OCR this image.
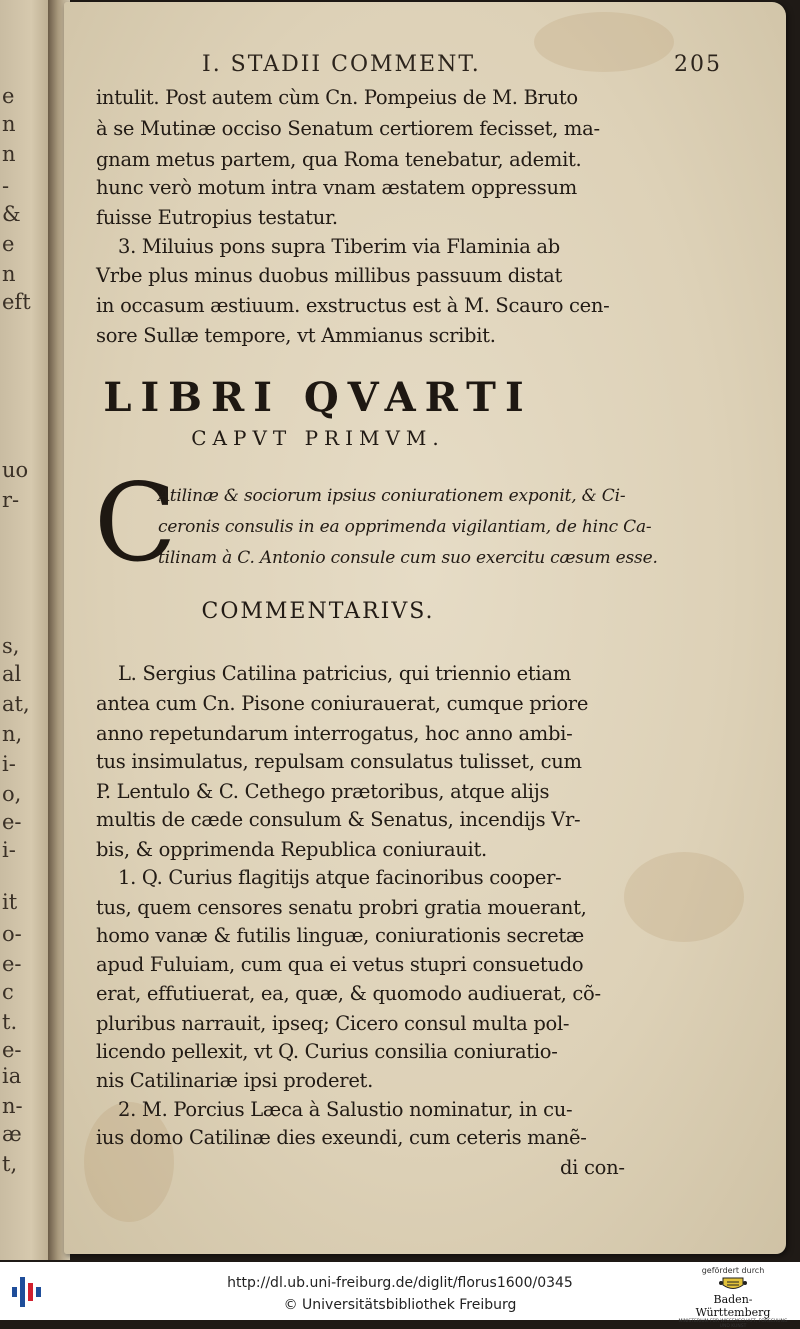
e
n
n
-
&
e
n
eft
uo
r-
s,
al
at,
n,
i-
o,
e-
i-
it
o-
e-
c
t.
e-
ia
n-
æ
t,
I. STADII COMMENT.	205
intulit. Post autem cùm Cn. Pompeius de M. Bruto
à se Mutinæ occiso Senatum certiorem fecisset, ma-
gnam metus partem, qua Roma tenebatur, ademit.
hunc verò motum intra vnam æstatem oppressum
fuisse Eutropius testatur.
3. Miluius pons supra Tiberim via Flaminia ab
Vrbe plus minus duobus millibus passuum distat
in occasum æstiuum. exstructus est à M. Scauro cen-
sore Sullæ tempore, vt Ammianus scribit.
LIBRI QVARTI
CAPVT PRIMVM.
C
Atilinæ & sociorum ipsius coniurationem exponit, & Ci-
ceronis consulis in ea opprimenda vigilantiam, de hinc Ca-
tilinam à C. Antonio consule cum suo exercitu cæsum esse.
COMMENTARIVS.
L. Sergius Catilina patricius, qui triennio etiam
antea cum Cn. Pisone coniurauerat, cumque priore
anno repetundarum interrogatus, hoc anno ambi-
tus insimulatus, repulsam consulatus tulisset, cum
P. Lentulo & C. Cethego prætoribus, atque alijs
multis de cæde consulum & Senatus, incendijs Vr-
bis, & opprimenda Republica coniurauit.
1. Q. Curius flagitijs atque facinoribus cooper-
tus, quem censores senatu probri gratia mouerant,
homo vanæ & futilis linguæ, coniurationis secretæ
apud Fuluiam, cum qua ei vetus stupri consuetudo
erat, effutiuerat, ea, quæ, & quomodo audiuerat, cõ-
pluribus narrauit, ipseq; Cicero consul multa pol-
licendo pellexit, vt Q. Curius consilia coniuratio-
nis Catilinariæ ipsi proderet.
2. M. Porcius Læca à Salustio nominatur, in cu-
ius domo Catilinæ dies exeundi, cum ceteris manẽ-
di con-
http://dl.ub.uni-freiburg.de/diglit/florus1600/0345
© Universitätsbibliothek Freiburg
gefördert durch
Baden-Württemberg
MINISTERIUM FÜR WISSENSCHAFT, FORSCHUNG UND KUNST
